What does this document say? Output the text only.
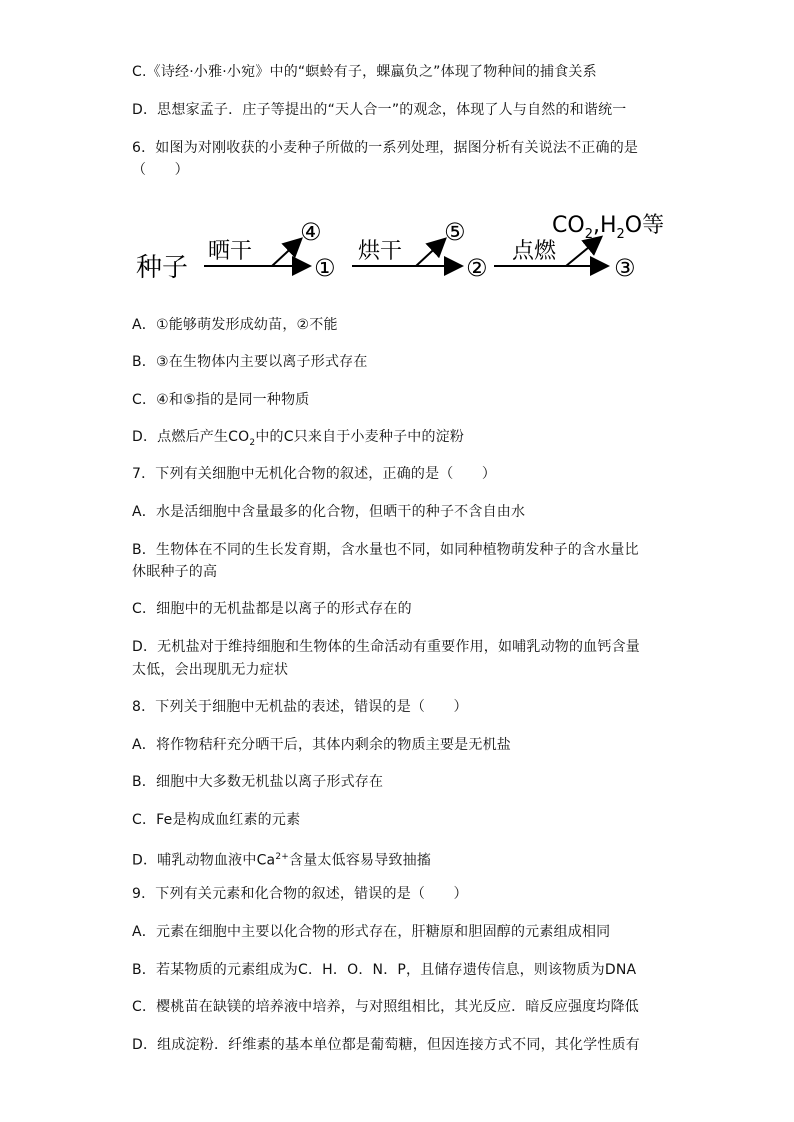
C.《诗经·小雅·小宛》中的“螟蛉有子，蜾蠃负之”体现了物种间的捕食关系
D．思想家孟子．庄子等提出的“天人合一”的观念，体现了人与自然的和谐统一
6．如图为对刚收获的小麦种子所做的一系列处理，据图分析有关说法不正确的是
（　　）
种子
晒干
④
①
烘干
⑤
②
点燃
③
$CO_2,H_2O$等
A．①能够萌发形成幼苗，②不能
B．③在生物体内主要以离子形式存在
C．④和⑤指的是同一种物质
D．点燃后产生$CO_2$中的C只来自于小麦种子中的淀粉
7．下列有关细胞中无机化合物的叙述，正确的是（　　）
A．水是活细胞中含量最多的化合物，但晒干的种子不含自由水
B．生物体在不同的生长发育期，含水量也不同，如同种植物萌发种子的含水量比
休眠种子的高
C．细胞中的无机盐都是以离子的形式存在的
D．无机盐对于维持细胞和生物体的生命活动有重要作用，如哺乳动物的血钙含量
太低，会出现肌无力症状
8．下列关于细胞中无机盐的表述，错误的是（　　）
A．将作物秸秆充分晒干后，其体内剩余的物质主要是无机盐
B．细胞中大多数无机盐以离子形式存在
C．Fe是构成血红素的元素
D．哺乳动物血液中$Ca^{2+}$含量太低容易导致抽搐
9．下列有关元素和化合物的叙述，错误的是（　　）
A．元素在细胞中主要以化合物的形式存在，肝糖原和胆固醇的元素组成相同
B．若某物质的元素组成为C．H．O．N．P，且储存遗传信息，则该物质为DNA
C．樱桃苗在缺镁的培养液中培养，与对照组相比，其光反应．暗反应强度均降低
D．组成淀粉．纤维素的基本单位都是葡萄糖，但因连接方式不同，其化学性质有
